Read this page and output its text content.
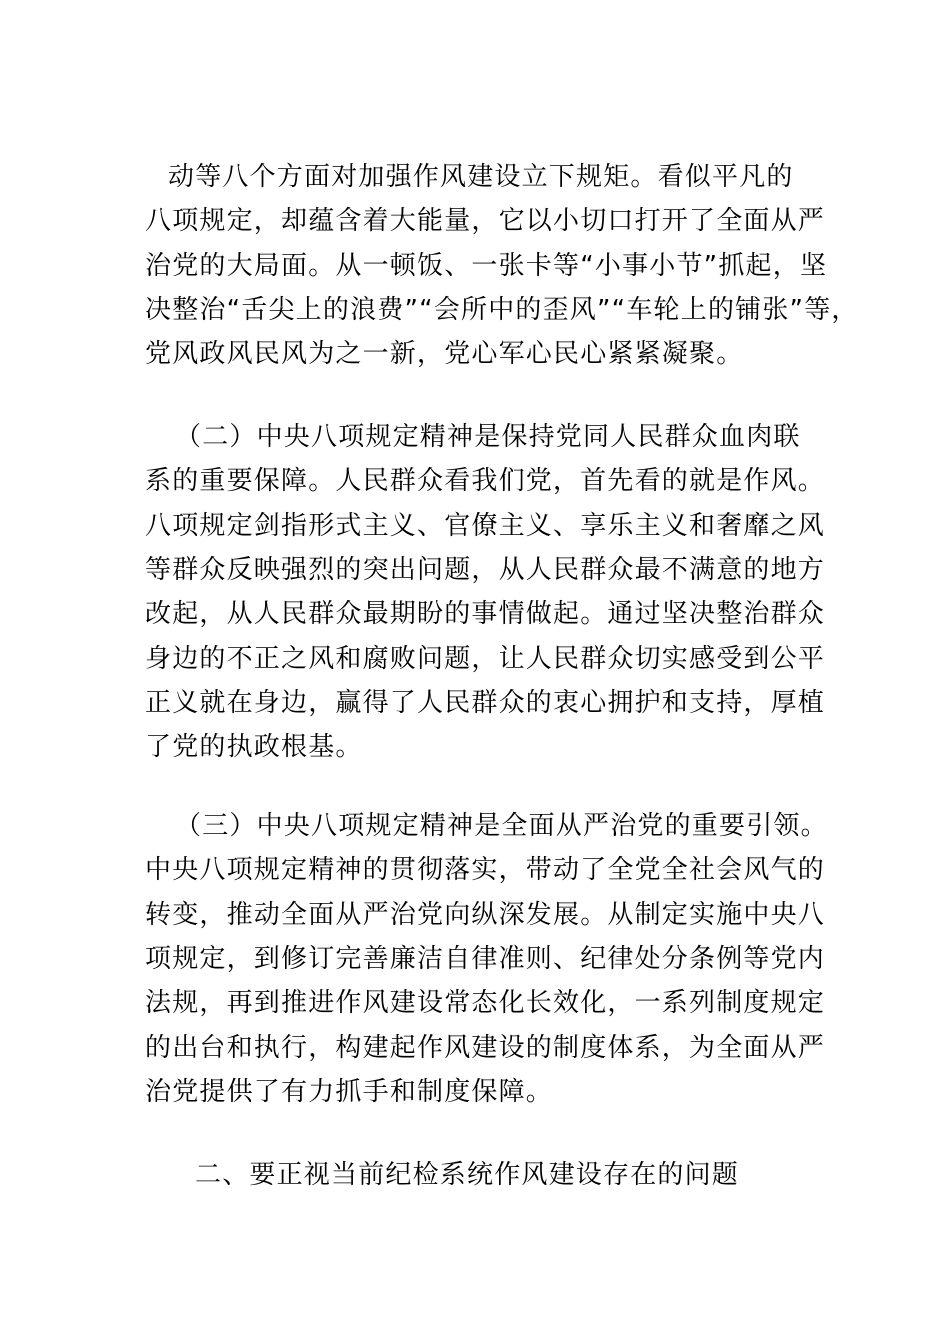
动等八个方面对加强作风建设立下规矩。看似平凡的
八项规定，却蕴含着大能量，它以小切口打开了全面从严
治党的大局面。从一顿饭、一张卡等“小事小节”抓起，坚
决整治“舌尖上的浪费”“会所中的歪风”“车轮上的铺张”等，
党风政风民风为之一新，党心军心民心紧紧凝聚。
（二）中央八项规定精神是保持党同人民群众血肉联
系的重要保障。人民群众看我们党，首先看的就是作风。
八项规定剑指形式主义、官僚主义、享乐主义和奢靡之风
等群众反映强烈的突出问题，从人民群众最不满意的地方
改起，从人民群众最期盼的事情做起。通过坚决整治群众
身边的不正之风和腐败问题，让人民群众切实感受到公平
正义就在身边，赢得了人民群众的衷心拥护和支持，厚植
了党的执政根基。
（三）中央八项规定精神是全面从严治党的重要引领。
中央八项规定精神的贯彻落实，带动了全党全社会风气的
转变，推动全面从严治党向纵深发展。从制定实施中央八
项规定，到修订完善廉洁自律准则、纪律处分条例等党内
法规，再到推进作风建设常态化长效化，一系列制度规定
的出台和执行，构建起作风建设的制度体系，为全面从严
治党提供了有力抓手和制度保障。
二、要正视当前纪检系统作风建设存在的问题
